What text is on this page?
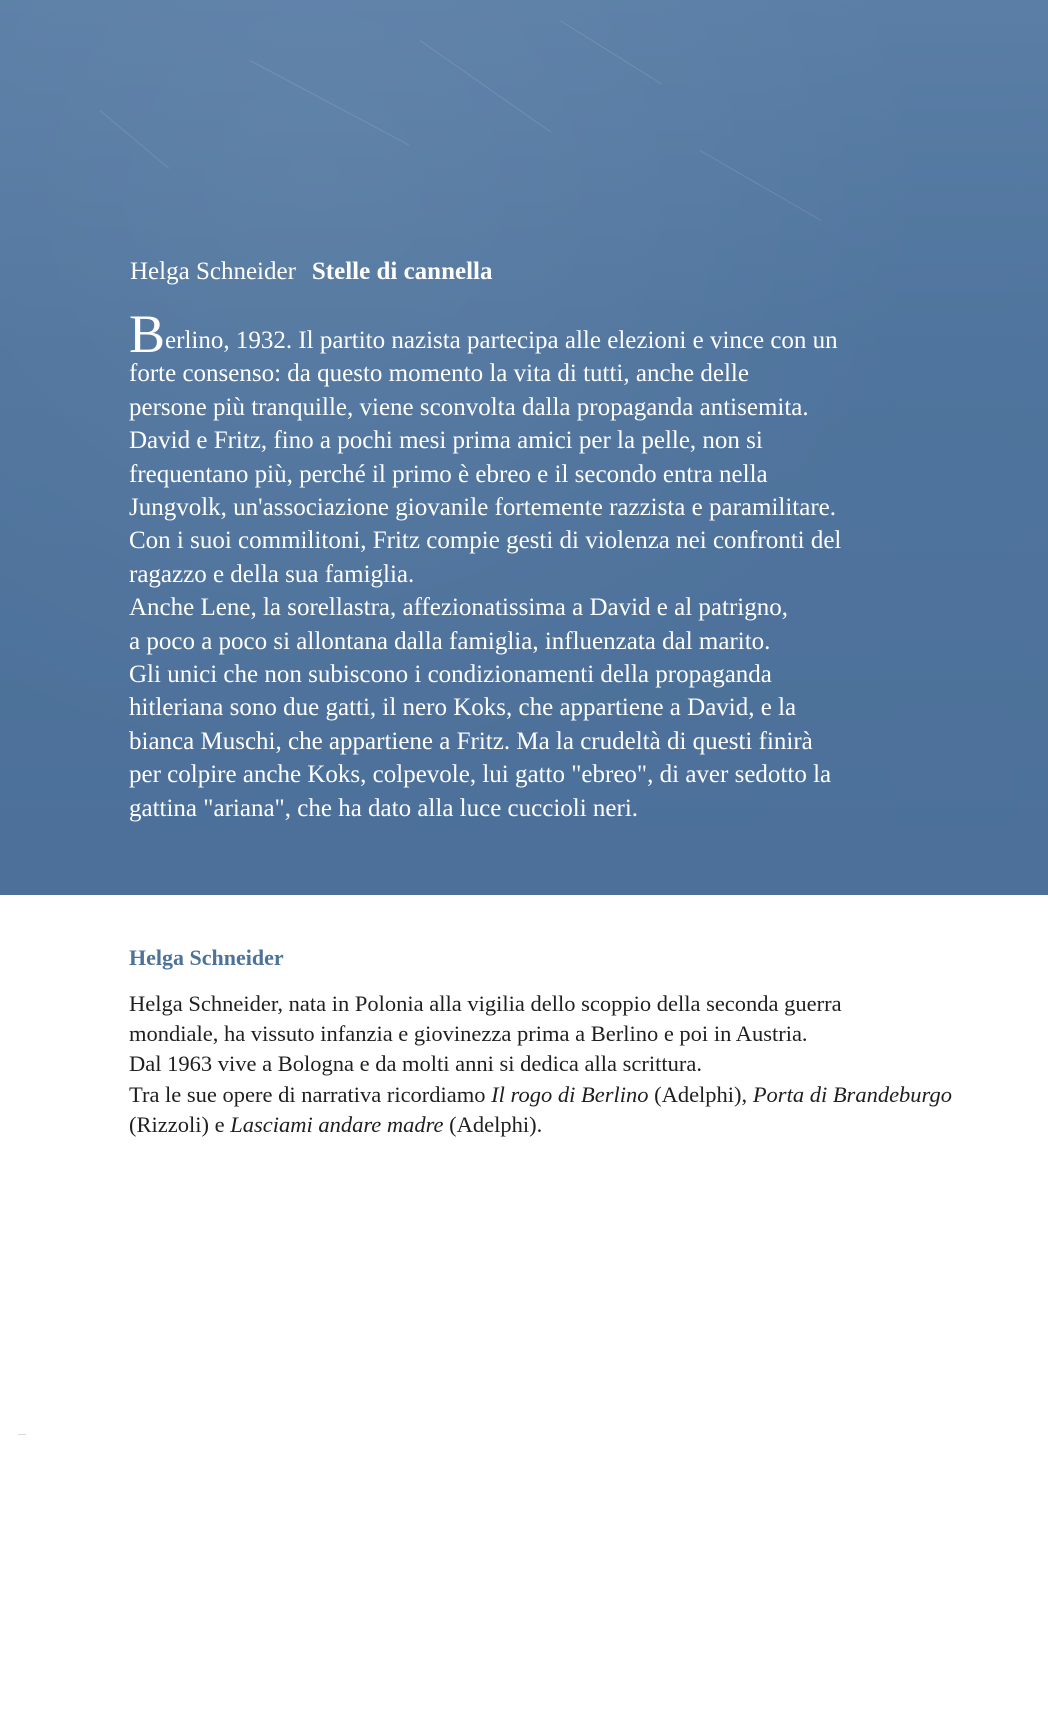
Helga Schneider Stelle di cannella

Berlino, 1932. Il partito nazista partecipa alle elezioni e vince con un
forte consenso: da questo momento la vita di tutti, anche delle
persone più tranquille, viene sconvolta dalla propaganda antisemita.
David e Fritz, fino a pochi mesi prima amici per la pelle, non si
frequentano più, perché il primo è ebreo e il secondo entra nella
Jungvolk, un'associazione giovanile fortemente razzista e paramilitare.
Con i suoi commilitoni, Fritz compie gesti di violenza nei confronti del
ragazzo e della sua famiglia.
Anche Lene, la sorellastra, affezionatissima a David e al patrigno,
a poco a poco si allontana dalla famiglia, influenzata dal marito.
Gli unici che non subiscono i condizionamenti della propaganda
hitleriana sono due gatti, il nero Koks, che appartiene a David, e la
bianca Muschi, che appartiene a Fritz. Ma la crudeltà di questi finirà
per colpire anche Koks, colpevole, lui gatto "ebreo", di aver sedotto la
gattina "ariana", che ha dato alla luce cuccioli neri.

Helga Schneider
Helga Schneider, nata in Polonia alla vigilia dello scoppio della seconda guerra
mondiale, ha vissuto infanzia e giovinezza prima a Berlino e poi in Austria.
Dal 1963 vive a Bologna e da molti anni si dedica alla scrittura.
Tra le sue opere di narrativa ricordiamo Il rogo di Berlino (Adelphi), Porta di Brandeburgo (Rizzoli) e Lasciami andare madre (Adelphi).
